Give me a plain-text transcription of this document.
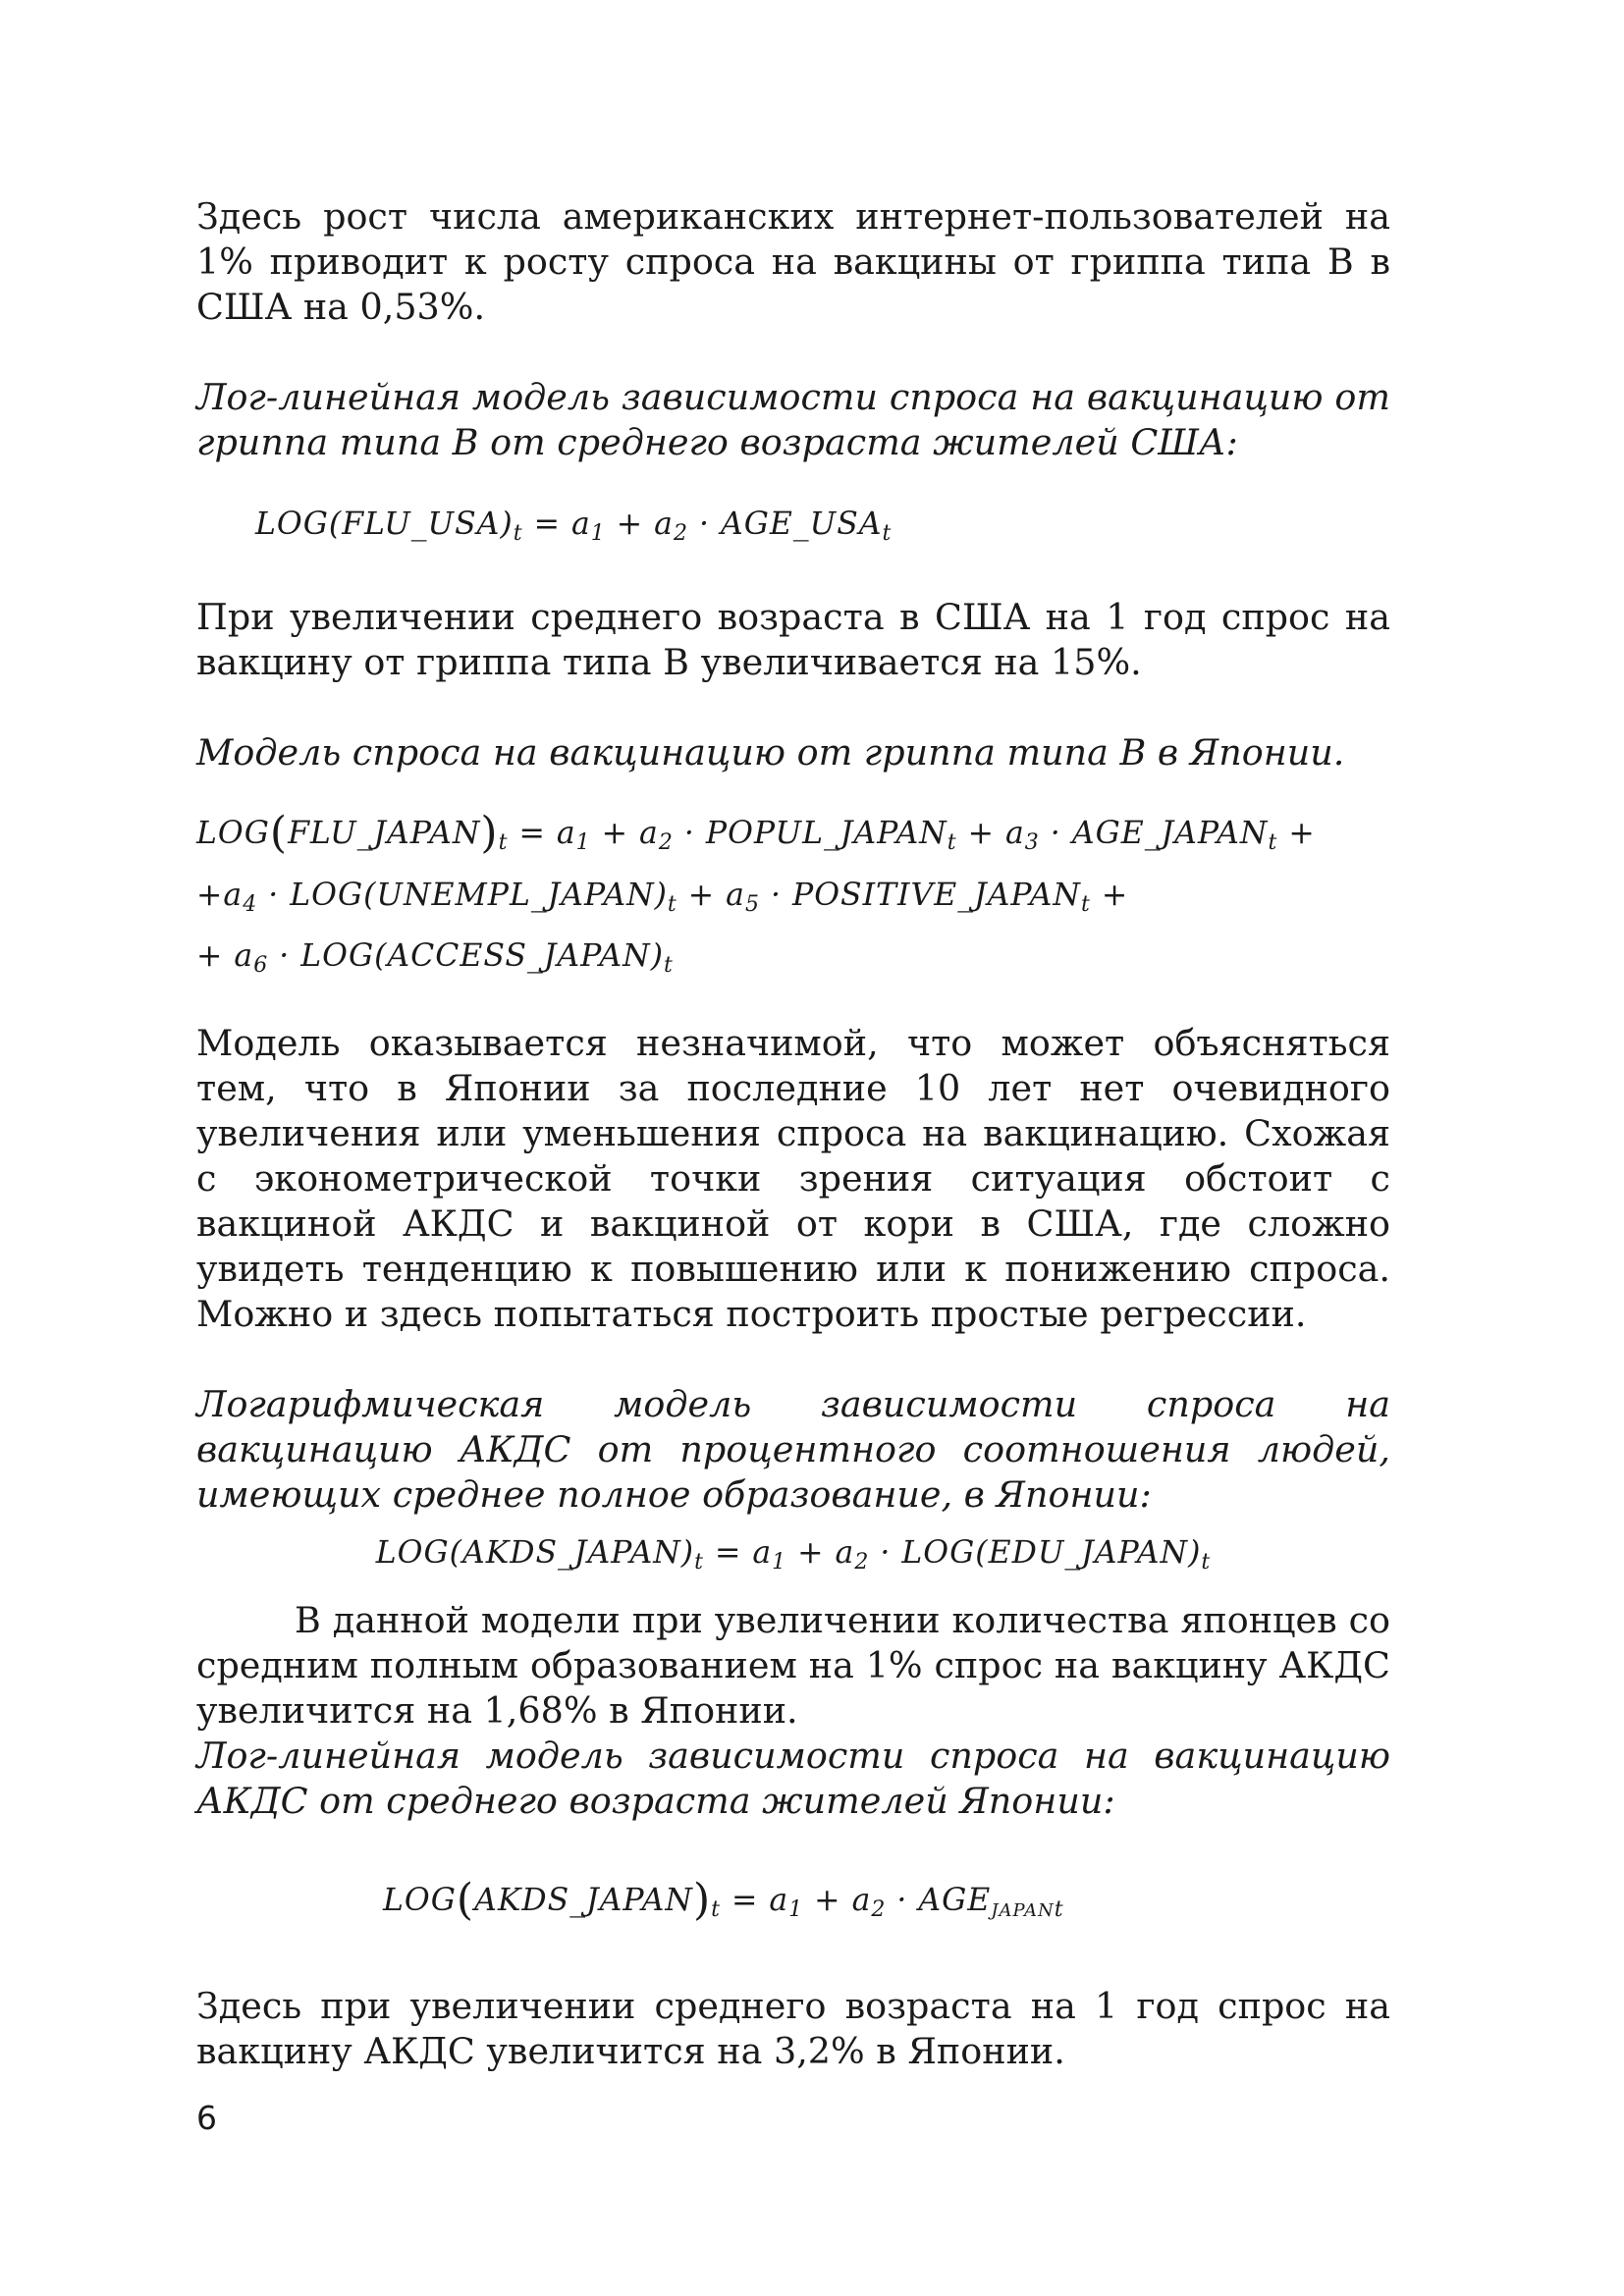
Здесь рост числа американских интернет-пользователей на 1% приводит к росту спроса на вакцины от гриппа типа В в США на 0,53%.

Лог-линейная модель зависимости спроса на вакцинацию от гриппа типа В от среднего возраста жителей США:

$LOG(FLU\_USA)_t = a_1 + a_2$ · $AGE\_USA_t$

При увеличении среднего возраста в США на 1 год спрос на вакцину от гриппа типа В увеличивается на 15%.

Модель спроса на вакцинацию от гриппа типа В в Японии.

$LOG(FLU\_JAPAN)_t = a_1 + a_2$ · $POPUL\_JAPAN_t + a_3$ · $AGE\_JAPAN_t$ +
$+a_4$ · $LOG(UNEMPL\_JAPAN)_t + a_5$ · $POSITIVE\_JAPAN_t$ +
+ $a_6$ · $LOG(ACCESS\_JAPAN)_t$

Модель оказывается незначимой, что может объясняться тем, что в Японии за последние 10 лет нет очевидного увеличения или уменьшения спроса на вакцинацию. Схожая с эконометрической точки зрения ситуация обстоит с вакциной АКДС и вакциной от кори в США, где сложно увидеть тенденцию к повышению или к понижению спроса. Можно и здесь попытаться построить простые регрессии.

Логарифмическая модель зависимости спроса на вакцинацию АКДС от процентного соотношения людей, имеющих среднее полное образование, в Японии:

$LOG(AKDS\_JAPAN)_t = a_1 + a_2$ · $LOG(EDU\_JAPAN)_t$

В данной модели при увеличении количества японцев со средним полным образованием на 1% спрос на вакцину АКДС увеличится на 1,68% в Японии.

Лог-линейная модель зависимости спроса на вакцинацию АКДС от среднего возраста жителей Японии:

$LOG(AKDS\_JAPAN)_t = a_1 + a_2 \cdot AGE_{JAPANt}$

Здесь при увеличении среднего возраста на 1 год спрос на вакцину АКДС увеличится на 3,2% в Японии.

6
